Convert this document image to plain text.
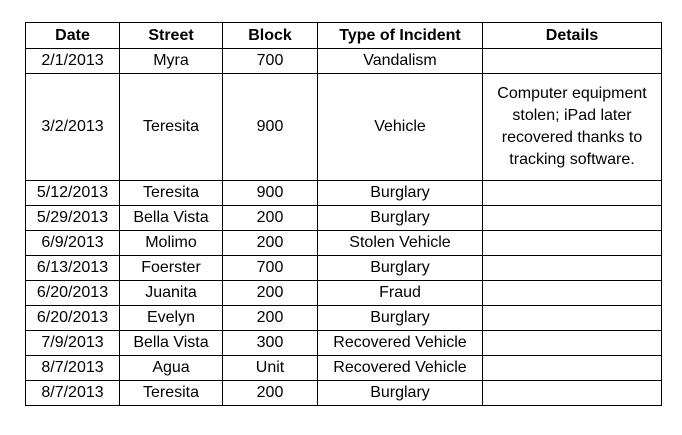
Date	Street	Block	Type of Incident	Details
2/1/2013	Myra	700	Vandalism	
3/2/2013	Teresita	900	Vehicle	Computer equipment stolen; iPad later recovered thanks to tracking software.
5/12/2013	Teresita	900	Burglary	
5/29/2013	Bella Vista	200	Burglary	
6/9/2013	Molimo	200	Stolen Vehicle	
6/13/2013	Foerster	700	Burglary	
6/20/2013	Juanita	200	Fraud	
6/20/2013	Evelyn	200	Burglary	
7/9/2013	Bella Vista	300	Recovered Vehicle	
8/7/2013	Agua	Unit	Recovered Vehicle	
8/7/2013	Teresita	200	Burglary	
